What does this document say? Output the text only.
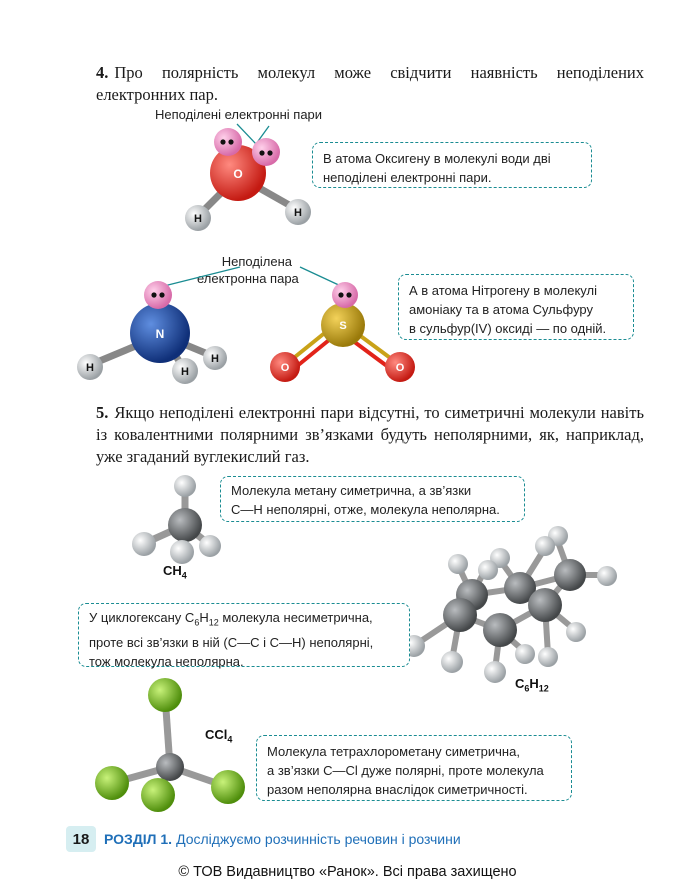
4. Про полярність молекул може свідчити наявність неподілених електронних пар.
Неподілені електронні пари
O
H	H
В атома Оксигену в молекулі води дві неподілені електронні пари.
Неподілена
електронна пара
N
H
H
H
S
O	O
А в атома Нітрогену в молекулі
амоніаку та в атома Сульфуру
в сульфур(IV) оксиді — по одній.
5. Якщо неподілені електронні пари відсутні, то симетричні молекули навіть із ковалентними полярними зв’язками будуть неполярними, як, наприклад, уже згаданий вуглекислий газ.
$CH_4$
Молекула метану симетрична, а зв’язки
С—Н неполярні, отже, молекула неполярна.
$C_6H_{12}$
У циклогексану $C_6H_{12}$ молекула несиметрична,
проте всі зв’язки в ній (C—C і C—H) неполярні,
тож молекула неполярна.
CCl$_4$
Молекула тетрахлорометану симетрична,
а зв’язки C—Cl дуже полярні, проте молекула
разом неполярна внаслідок симетричності.
18	РОЗДІЛ 1. Досліджуємо розчинність речовин і розчини
© ТОВ Видавництво «Ранок». Всі права захищено
